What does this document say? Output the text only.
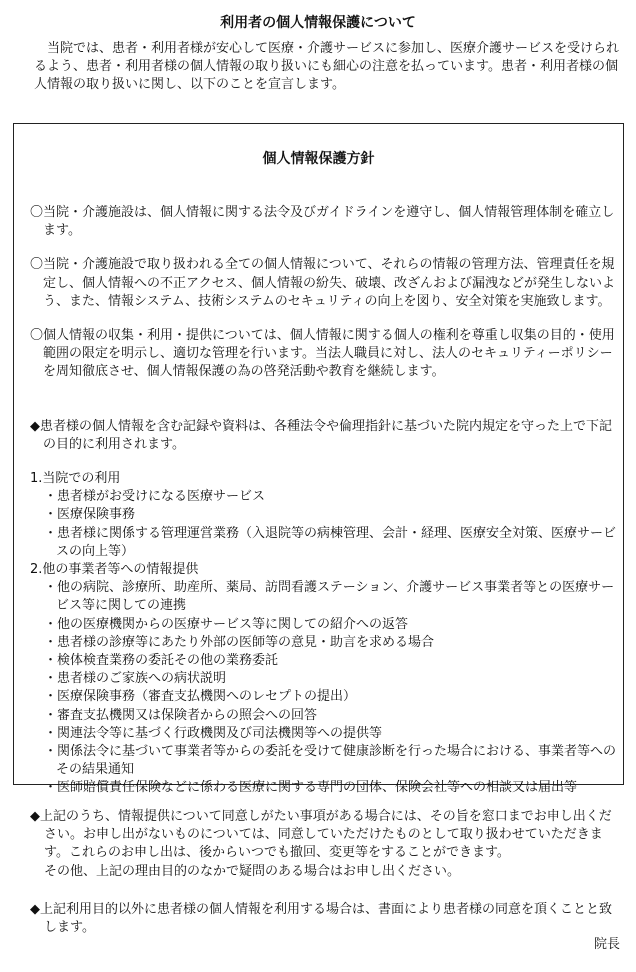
利用者の個人情報保護について

当院では、患者・利用者様が安心して医療・介護サービスに参加し、医療介護サービスを受けられるよう、患者・利用者様の個人情報の取り扱いにも細心の注意を払っています。患者・利用者様の個人情報の取り扱いに関し、以下のことを宣言します。

個人情報保護方針

〇当院・介護施設は、個人情報に関する法令及びガイドラインを遵守し、個人情報管理体制を確立します。

〇当院・介護施設で取り扱われる全ての個人情報について、それらの情報の管理方法、管理責任を規定し、個人情報への不正アクセス、個人情報の紛失、破壊、改ざんおよび漏洩などが発生しないよう、また、情報システム、技術システムのセキュリティの向上を図り、安全対策を実施致します。

〇個人情報の収集・利用・提供については、個人情報に関する個人の権利を尊重し収集の目的・使用範囲の限定を明示し、適切な管理を行います。当法人職員に対し、法人のセキュリティーポリシーを周知徹底させ、個人情報保護の為の啓発活動や教育を継続します。

◆患者様の個人情報を含む記録や資料は、各種法令や倫理指針に基づいた院内規定を守った上で下記の目的に利用されます。

1.当院での利用

・患者様がお受けになる医療サービス
・医療保険事務
・患者様に関係する管理運営業務（入退院等の病棟管理、会計・経理、医療安全対策、医療サービスの向上等）

2.他の事業者等への情報提供

・他の病院、診療所、助産所、薬局、訪問看護ステーション、介護サービス事業者等との医療サービス等に関しての連携
・他の医療機関からの医療サービス等に関しての紹介への返答
・患者様の診療等にあたり外部の医師等の意見・助言を求める場合
・検体検査業務の委託その他の業務委託
・患者様のご家族への病状説明
・医療保険事務（審査支払機関へのレセプトの提出）
・審査支払機関又は保険者からの照会への回答
・関連法令等に基づく行政機関及び司法機関等への提供等
・関係法令に基づいて事業者等からの委託を受けて健康診断を行った場合における、事業者等へのその結果通知
・医師賠償責任保険などに係わる医療に関する専門の団体、保険会社等への相談又は届出等

◆上記のうち、情報提供について同意しがたい事項がある場合には、その旨を窓口までお申し出ください。お申し出がないものについては、同意していただけたものとして取り扱わせていただきます。これらのお申し出は、後からいつでも撤回、変更等をすることができます。

その他、上記の理由目的のなかで疑問のある場合はお申し出ください。

◆上記利用目的以外に患者様の個人情報を利用する場合は、書面により患者様の同意を頂くことと致します。

院長
